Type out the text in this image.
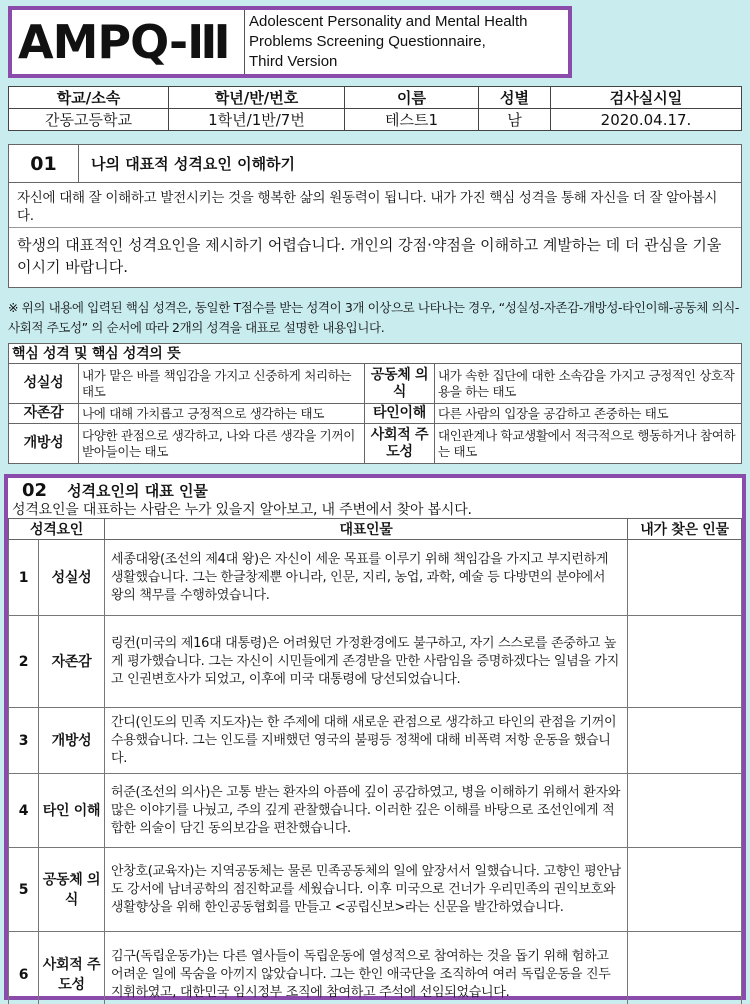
AMPQ-Ⅲ	Adolescent Personality and Mental Health
Problems Screening Questionnaire,
Third Version
학교/소속	학년/반/번호	이름	성별	검사실시일
간동고등학교	1학년/1반/7번	테스트1	남	2020.04.17.
01	나의 대표적 성격요인 이해하기
자신에 대해 잘 이해하고 발전시키는 것을 행복한 삶의 원동력이 됩니다. 내가 가진 핵심 성격을 통해 자신을 더 잘 알아봅시다.
학생의 대표적인 성격요인을 제시하기 어렵습니다. 개인의 강점·약점을 이해하고 계발하는 데 더 관심을 기울이시기 바랍니다.
※ 위의 내용에 입력된 핵심 성격은, 동일한 T점수를 받는 성격이 3개 이상으로 나타나는 경우, “성실성-자존감-개방성-타인이해-공동체 의식-사회적 주도성” 의 순서에 따라 2개의 성격을 대표로 설명한 내용입니다.
핵심 성격 및 핵심 성격의 뜻			
성실성	내가 맡은 바를 책임감을 가지고 신중하게 처리하는 태도	공동체 의식	내가 속한 집단에 대한 소속감을 가지고 긍정적인 상호작용을 하는 태도
자존감	나에 대해 가치롭고 긍정적으로 생각하는 태도	타인이해	다른 사람의 입장을 공감하고 존중하는 태도
개방성	다양한 관점으로 생각하고, 나와 다른 생각을 기꺼이 받아들이는 태도	사회적 주도성	대인관계나 학교생활에서 적극적으로 행동하거나 참여하는 태도
02 성격요인의 대표 인물
성격요인을 대표하는 사람은 누가 있을지 알아보고, 내 주변에서 찾아 봅시다.
성격요인		대표인물	내가 찾은 인물
1	성실성	세종대왕(조선의 제4대 왕)은 자신이 세운 목표를 이루기 위해 책임감을 가지고 부지런하게 생활했습니다. 그는 한글창제뿐 아니라, 인문, 지리, 농업, 과학, 예술 등 다방면의 분야에서 왕의 책무를 수행하였습니다.	
2	자존감	링컨(미국의 제16대 대통령)은 어려웠던 가정환경에도 불구하고, 자기 스스로를 존중하고 높게 평가했습니다. 그는 자신이 시민들에게 존경받을 만한 사람임을 증명하겠다는 일념을 가지고 인권변호사가 되었고, 이후에 미국 대통령에 당선되었습니다.	
3	개방성	간디(인도의 민족 지도자)는 한 주제에 대해 새로운 관점으로 생각하고 타인의 관점을 기꺼이 수용했습니다. 그는 인도를 지배했던 영국의 불평등 정책에 대해 비폭력 저항 운동을 했습니다.	
4	타인 이해	허준(조선의 의사)은 고통 받는 환자의 아픔에 깊이 공감하였고, 병을 이해하기 위해서 환자와 많은 이야기를 나눴고, 주의 깊게 관찰했습니다. 이러한 깊은 이해를 바탕으로 조선인에게 적합한 의술이 담긴 동의보감을 편찬했습니다.	
5	공동체 의식	안창호(교육자)는 지역공동체는 물론 민족공동체의 일에 앞장서서 일했습니다. 고향인 평안남도 강서에 남녀공학의 점진학교를 세웠습니다. 이후 미국으로 건너가 우리민족의 권익보호와 생활향상을 위해 한인공동협회를 만들고 <공립신보>라는 신문을 발간하였습니다.	
6	사회적 주도성	김구(독립운동가)는 다른 열사들이 독립운동에 열성적으로 참여하는 것을 돕기 위해 험하고 어려운 일에 목숨을 아끼지 않았습니다. 그는 한인 애국단을 조직하여 여러 독립운동을 진두지휘하였고, 대한민국 임시정부 조직에 참여하고 주석에 선임되었습니다.	
